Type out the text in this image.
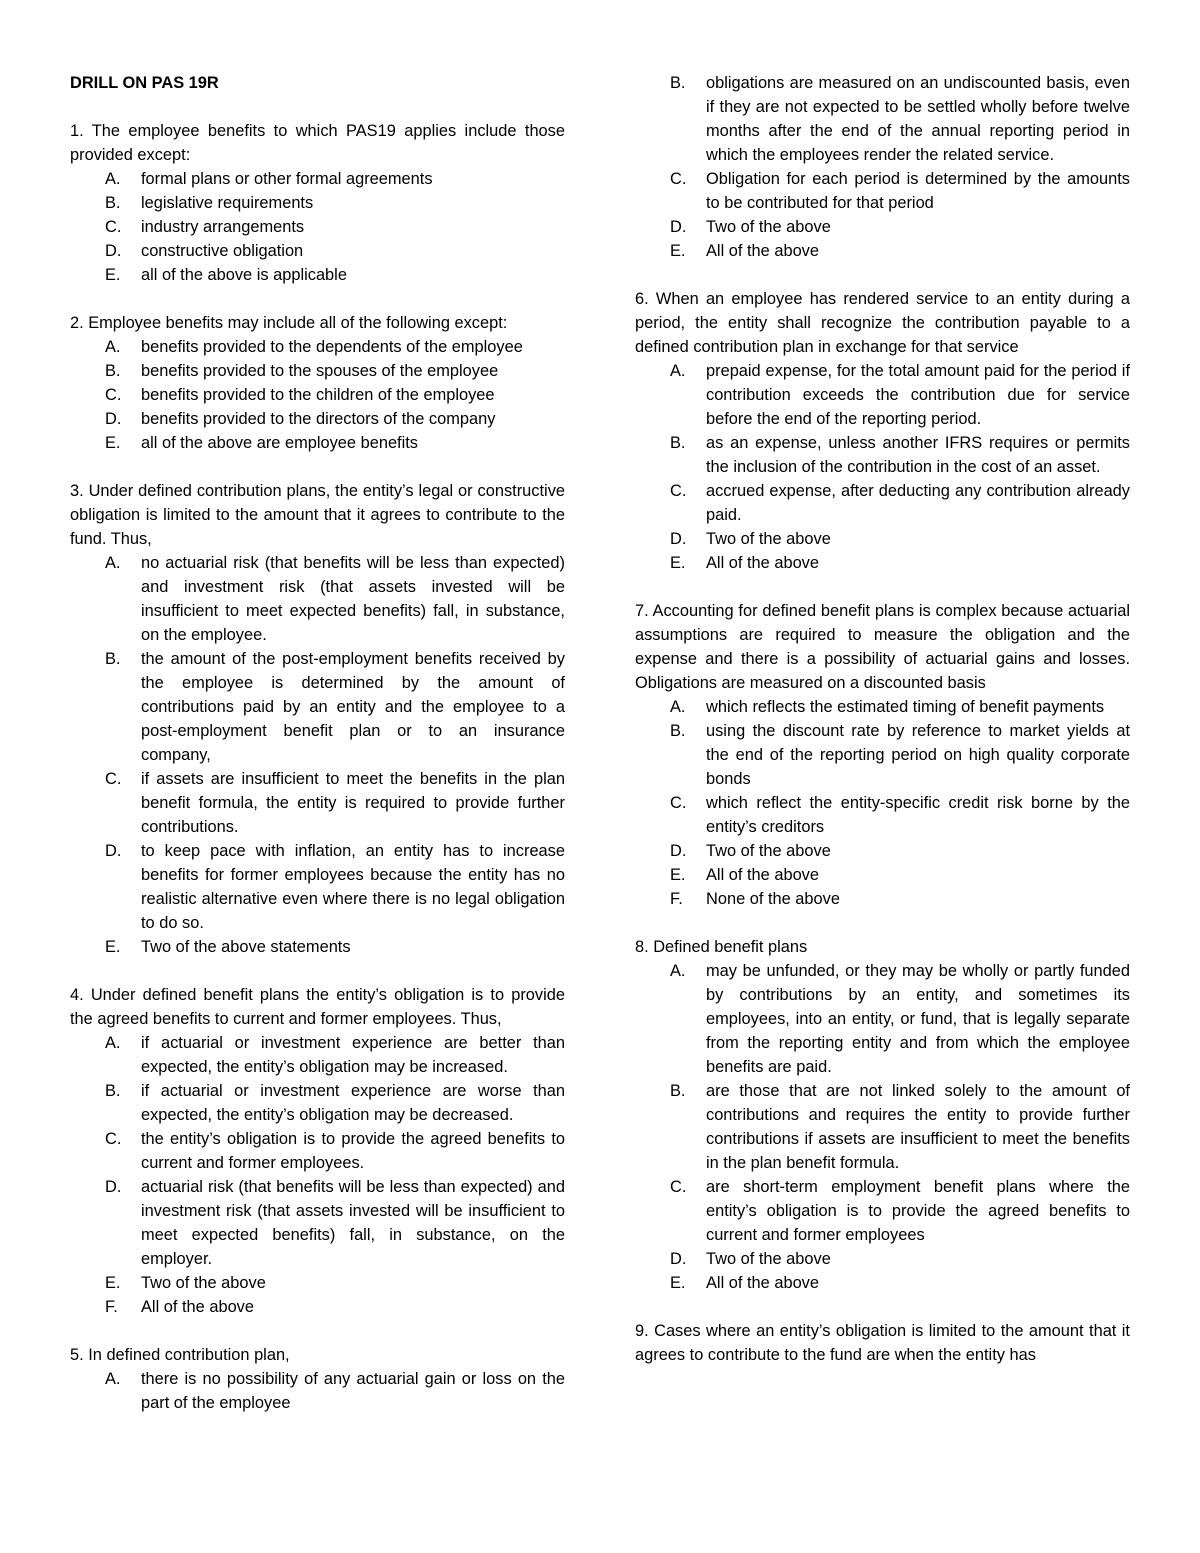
DRILL ON PAS 19R
1. The employee benefits to which PAS19 applies include those provided except:
A.	formal plans or other formal agreements
B.	legislative requirements
C.	industry arrangements
D.	constructive obligation
E.	all of the above is applicable
2. Employee benefits may include all of the following except:
A.	benefits provided to the dependents of the employee
B.	benefits provided to the spouses of the employee
C.	benefits provided to the children of the employee
D.	benefits provided to the directors of the company
E.	all of the above are employee benefits
3. Under defined contribution plans, the entity’s legal or constructive obligation is limited to the amount that it agrees to contribute to the fund. Thus,
A.	no actuarial risk (that benefits will be less than expected) and investment risk (that assets invested will be insufficient to meet expected benefits) fall, in substance, on the employee.
B.	the amount of the post-employment benefits received by the employee is determined by the amount of contributions paid by an entity and the employee to a post-employment benefit plan or to an insurance company,
C.	if assets are insufficient to meet the benefits in the plan benefit formula, the entity is required to provide further contributions.
D.	to keep pace with inflation, an entity has to increase benefits for former employees because the entity has no realistic alternative even where there is no legal obligation to do so.
E.	Two of the above statements
4. Under defined benefit plans the entity’s obligation is to provide the agreed benefits to current and former employees. Thus,
A.	if actuarial or investment experience are better than expected, the entity’s obligation may be increased.
B.	if actuarial or investment experience are worse than expected, the entity’s obligation may be decreased.
C.	the entity’s obligation is to provide the agreed benefits to current and former employees.
D.	actuarial risk (that benefits will be less than expected) and investment risk (that assets invested will be insufficient to meet expected benefits) fall, in substance, on the employer.
E.	Two of the above
F.	All of the above
5. In defined contribution plan,
A.	there is no possibility of any actuarial gain or loss on the part of the employee
B.	obligations are measured on an undiscounted basis, even if they are not expected to be settled wholly before twelve months after the end of the annual reporting period in which the employees render the related service.
C.	Obligation for each period is determined by the amounts to be contributed for that period
D.	Two of the above
E.	All of the above
6. When an employee has rendered service to an entity during a period, the entity shall recognize the contribution payable to a defined contribution plan in exchange for that service
A.	prepaid expense, for the total amount paid for the period if contribution exceeds the contribution due for service before the end of the reporting period.
B.	as an expense, unless another IFRS requires or permits the inclusion of the contribution in the cost of an asset.
C.	accrued expense, after deducting any contribution already paid.
D.	Two of the above
E.	All of the above
7. Accounting for defined benefit plans is complex because actuarial assumptions are required to measure the obligation and the expense and there is a possibility of actuarial gains and losses. Obligations are measured on a discounted basis
A.	which reflects the estimated timing of benefit payments
B.	using the discount rate by reference to market yields at the end of the reporting period on high quality corporate bonds
C.	which reflect the entity-specific credit risk borne by the entity’s creditors
D.	Two of the above
E.	All of the above
F.	None of the above
8. Defined benefit plans
A.	may be unfunded, or they may be wholly or partly funded by contributions by an entity, and sometimes its employees, into an entity, or fund, that is legally separate from the reporting entity and from which the employee benefits are paid.
B.	are those that are not linked solely to the amount of contributions and requires the entity to provide further contributions if assets are insufficient to meet the benefits in the plan benefit formula.
C.	are short-term employment benefit plans where the entity’s obligation is to provide the agreed benefits to current and former employees
D.	Two of the above
E.	All of the above
9. Cases where an entity’s obligation is limited to the amount that it agrees to contribute to the fund are when the entity has
